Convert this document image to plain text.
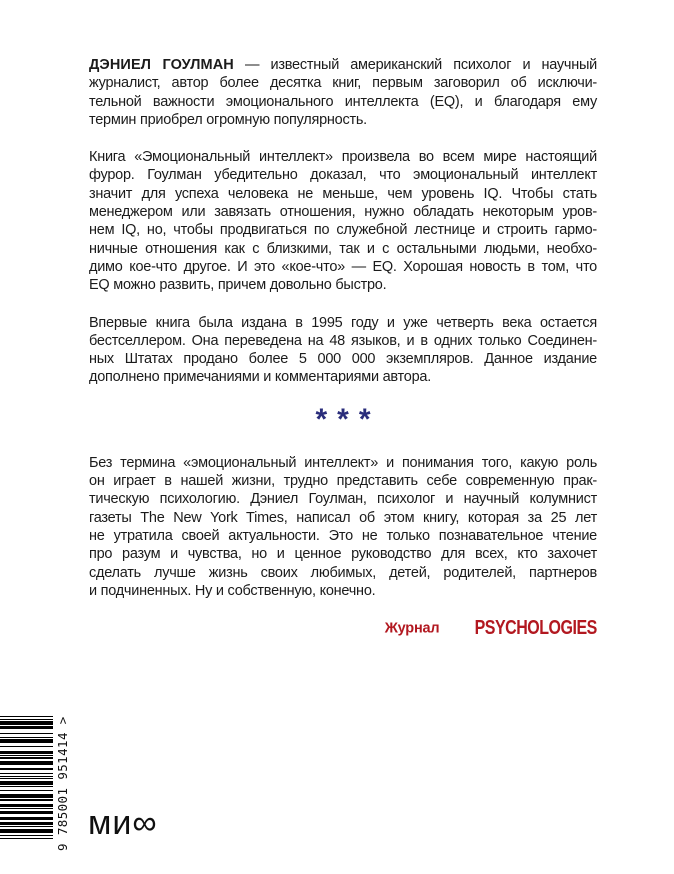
ДЭНИЕЛ ГОУЛМАН — известный американский психолог и научный
журналист, автор более десятка книг, первым заговорил об исключи-
тельной важности эмоционального интеллекта (EQ), и благодаря ему
термин приобрел огромную популярность.
Книга «Эмоциональный интеллект» произвела во всем мире настоящий
фурор. Гоулман убедительно доказал, что эмоциональный интеллект
значит для успеха человека не меньше, чем уровень IQ. Чтобы стать
менеджером или завязать отношения, нужно обладать некоторым уров-
нем IQ, но, чтобы продвигаться по служебной лестнице и строить гармо-
ничные отношения как с близкими, так и с остальными людьми, необхо-
димо кое-что другое. И это «кое-что» — EQ. Хорошая новость в том, что
EQ можно развить, причем довольно быстро.
Впервые книга была издана в 1995 году и уже четверть века остается
бестселлером. Она переведена на 48 языков, и в одних только Соединен-
ных Штатах продано более 5 000 000 экземпляров. Данное издание
дополнено примечаниями и комментариями автора.
***
Без термина «эмоциональный интеллект» и понимания того, какую роль
он играет в нашей жизни, трудно представить себе современную прак-
тическую психологию. Дэниел Гоулман, психолог и научный колумнист
газеты The New York Times, написал об этом книгу, которая за 25 лет
не утратила своей актуальности. Это не только познавательное чтение
про разум и чувства, но и ценное руководство для всех, кто захочет
сделать лучше жизнь своих любимых, детей, родителей, партнеров
и подчиненных. Ну и собственную, конечно.
Журнал PSYCHOLOGIES
9 785001 951414 > ми∞
